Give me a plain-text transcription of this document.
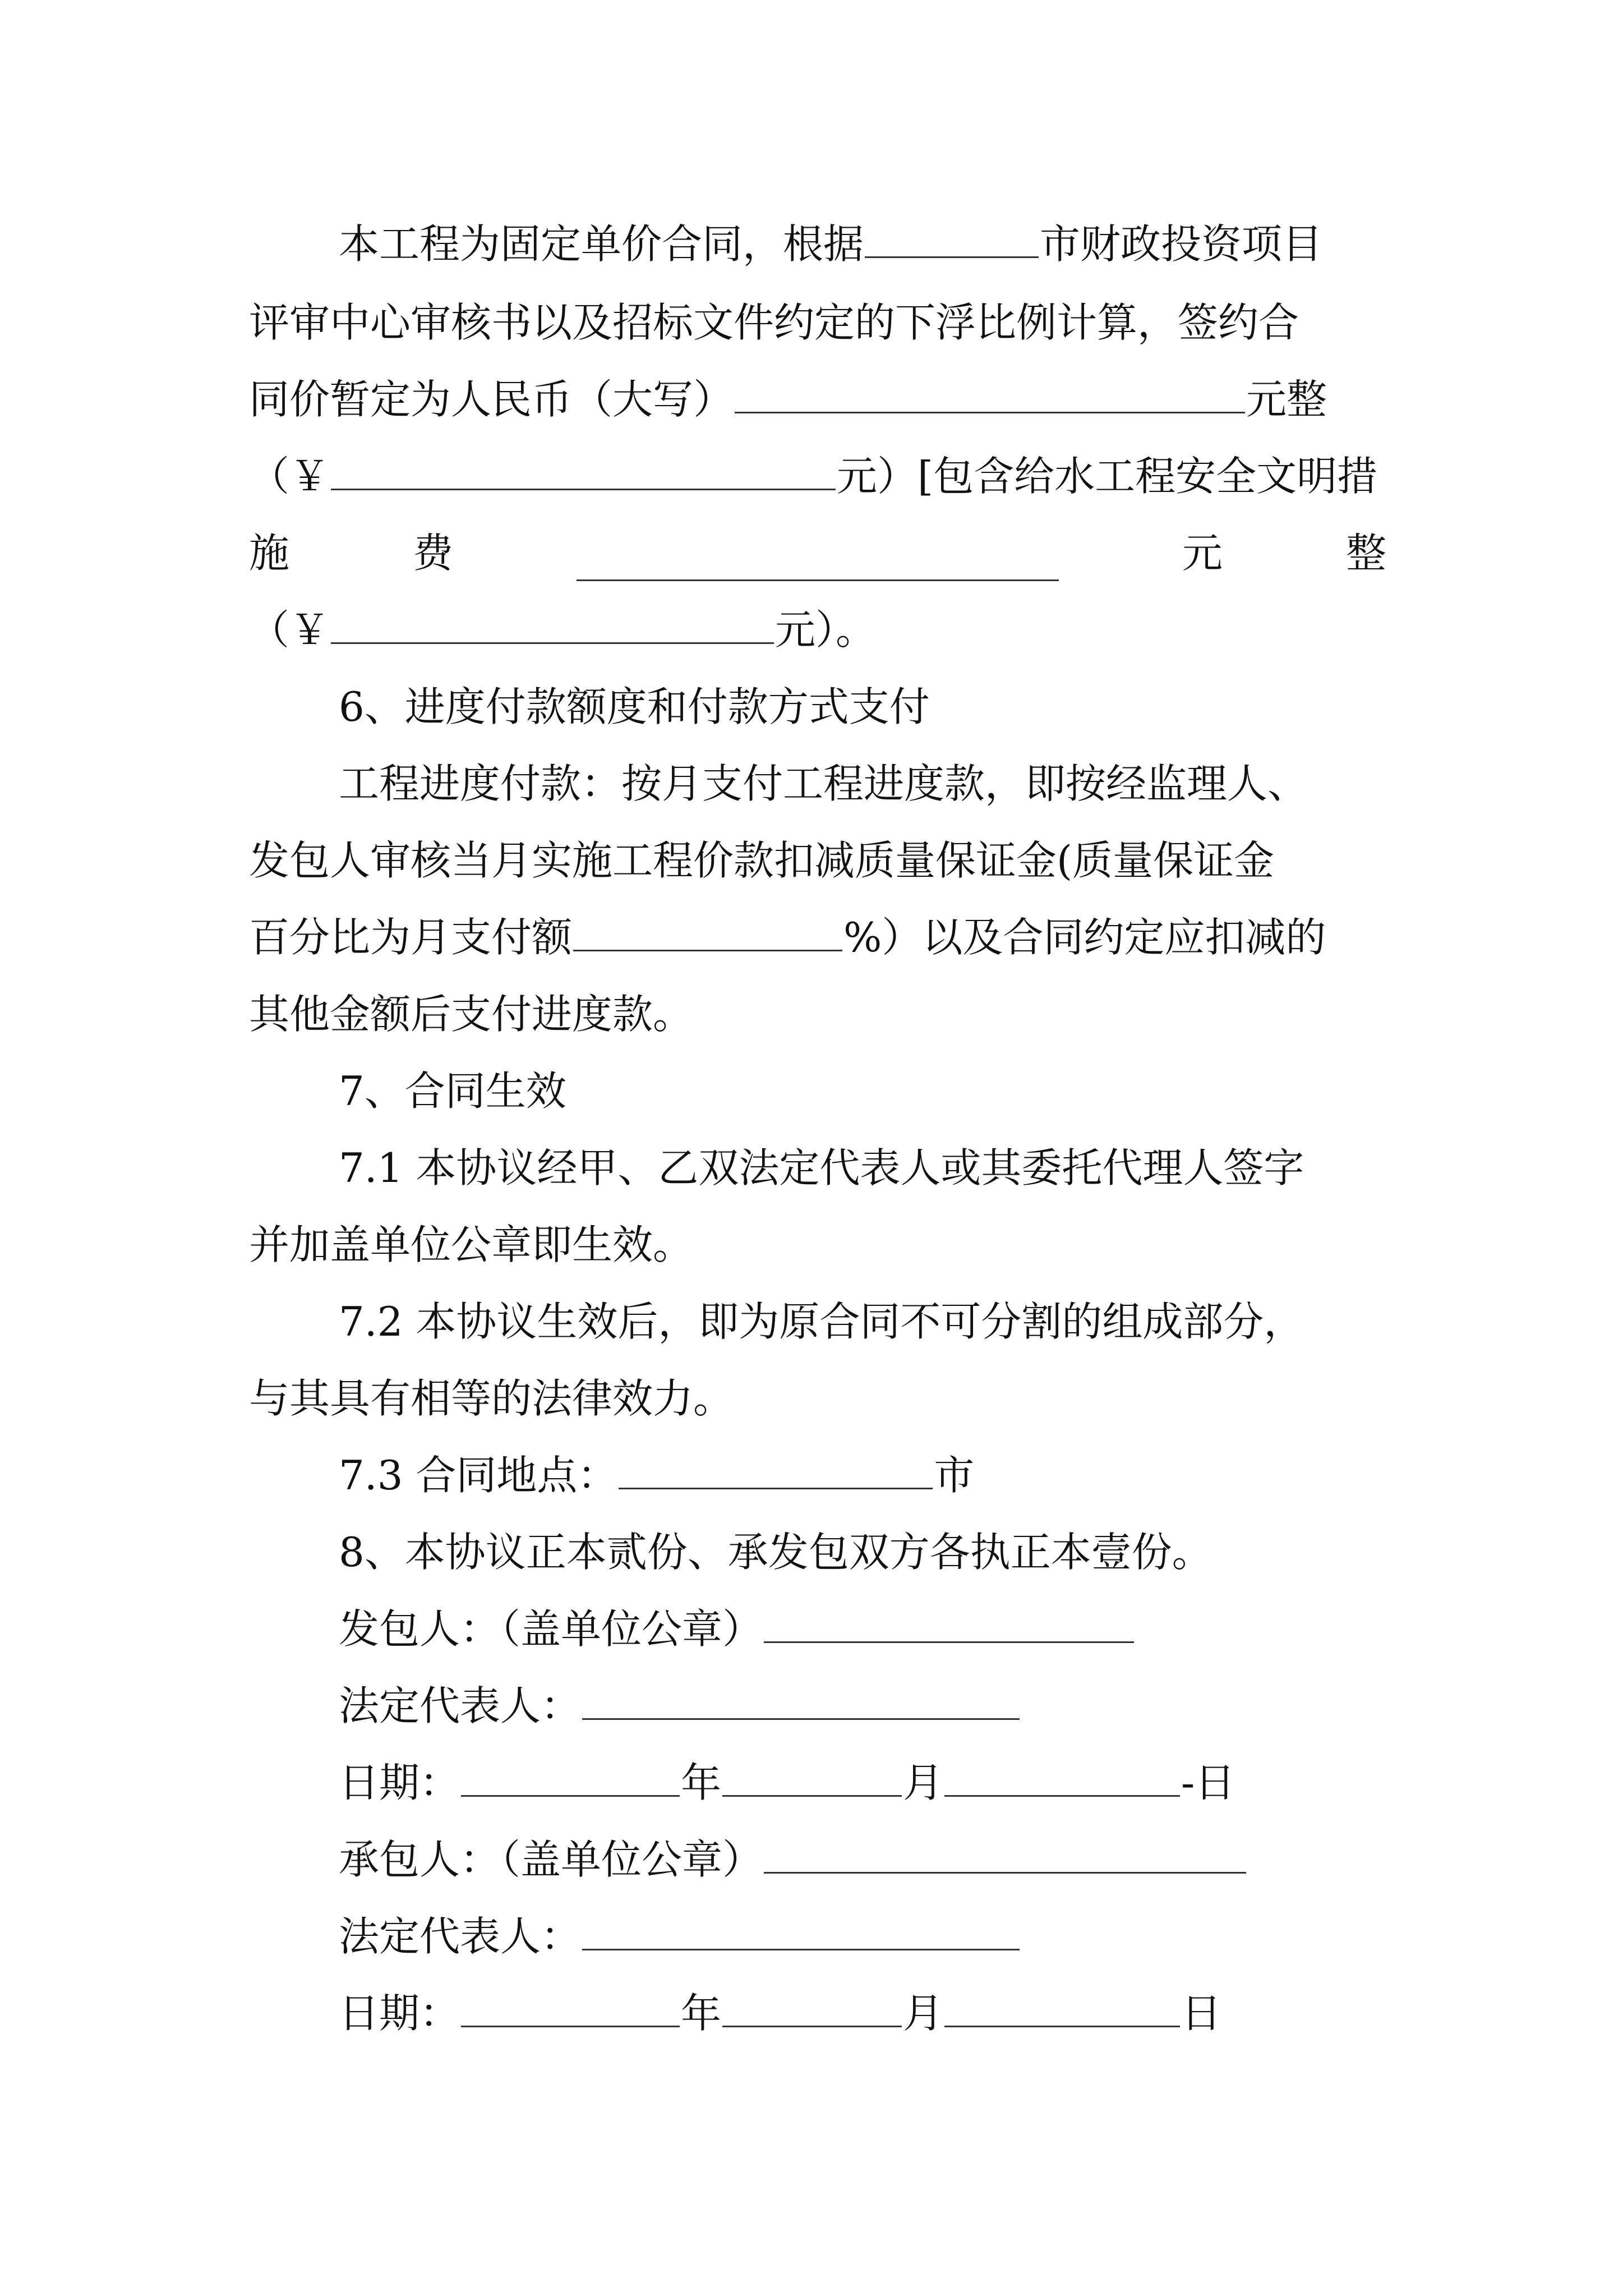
本工程为固定单价合同，根据	市财政投资项目
评审中心审核书以及招标文件约定的下浮比例计算，签约合
同价暂定为人民币（大写）	元整
（￥	元）[包含给水工程安全文明措
施	费	元	整
（￥	元）。
6、进度付款额度和付款方式支付
工程进度付款：按月支付工程进度款，即按经监理人、
发包人审核当月实施工程价款扣减质量保证金(质量保证金
百分比为月支付额	%）以及合同约定应扣减的
其他金额后支付进度款。
7、合同生效
7.1 本协议经甲、乙双法定代表人或其委托代理人签字
并加盖单位公章即生效。
7.2 本协议生效后，即为原合同不可分割的组成部分，
与其具有相等的法律效力。
7.3 合同地点：	市
8、本协议正本贰份、承发包双方各执正本壹份。
发包人：（盖单位公章）
法定代表人：
日期：	年	月	-日
承包人：（盖单位公章）
法定代表人：
日期：	年	月	日
